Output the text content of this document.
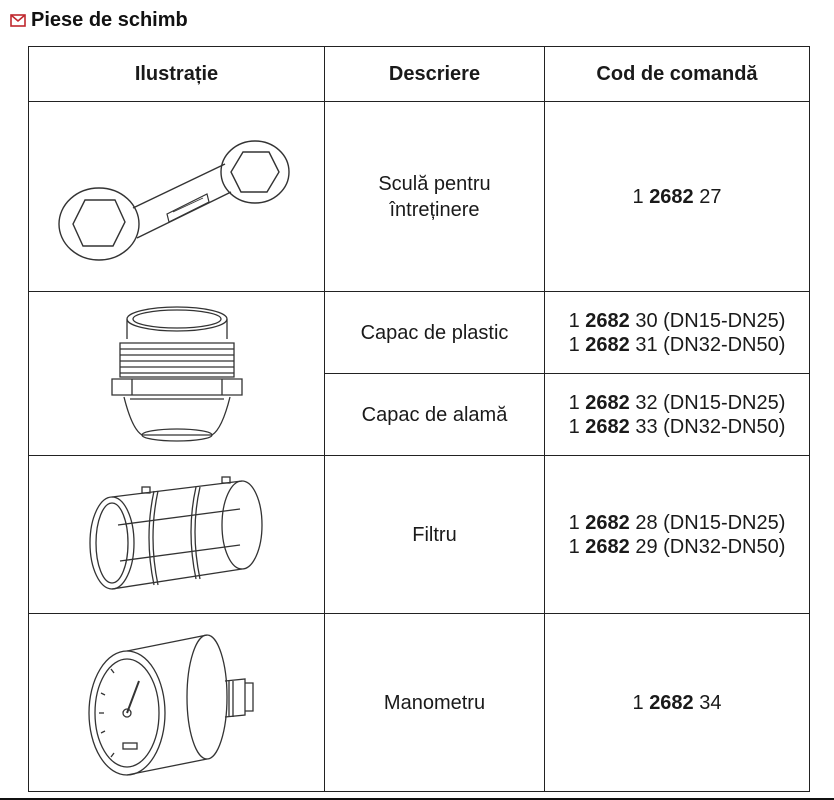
Piese de schimb
Ilustrație	Descriere	Cod de comandă

	Sculă pentru întreținere	1 2682 27

	Capac de plastic	1 2682 30 (DN15-DN25)
1 2682 31 (DN32-DN50)

	Capac de alamă	1 2682 32 (DN15-DN25)
1 2682 33 (DN32-DN50)

	Filtru	1 2682 28 (DN15-DN25)
1 2682 29 (DN32-DN50)

	Manometru	1 2682 34
